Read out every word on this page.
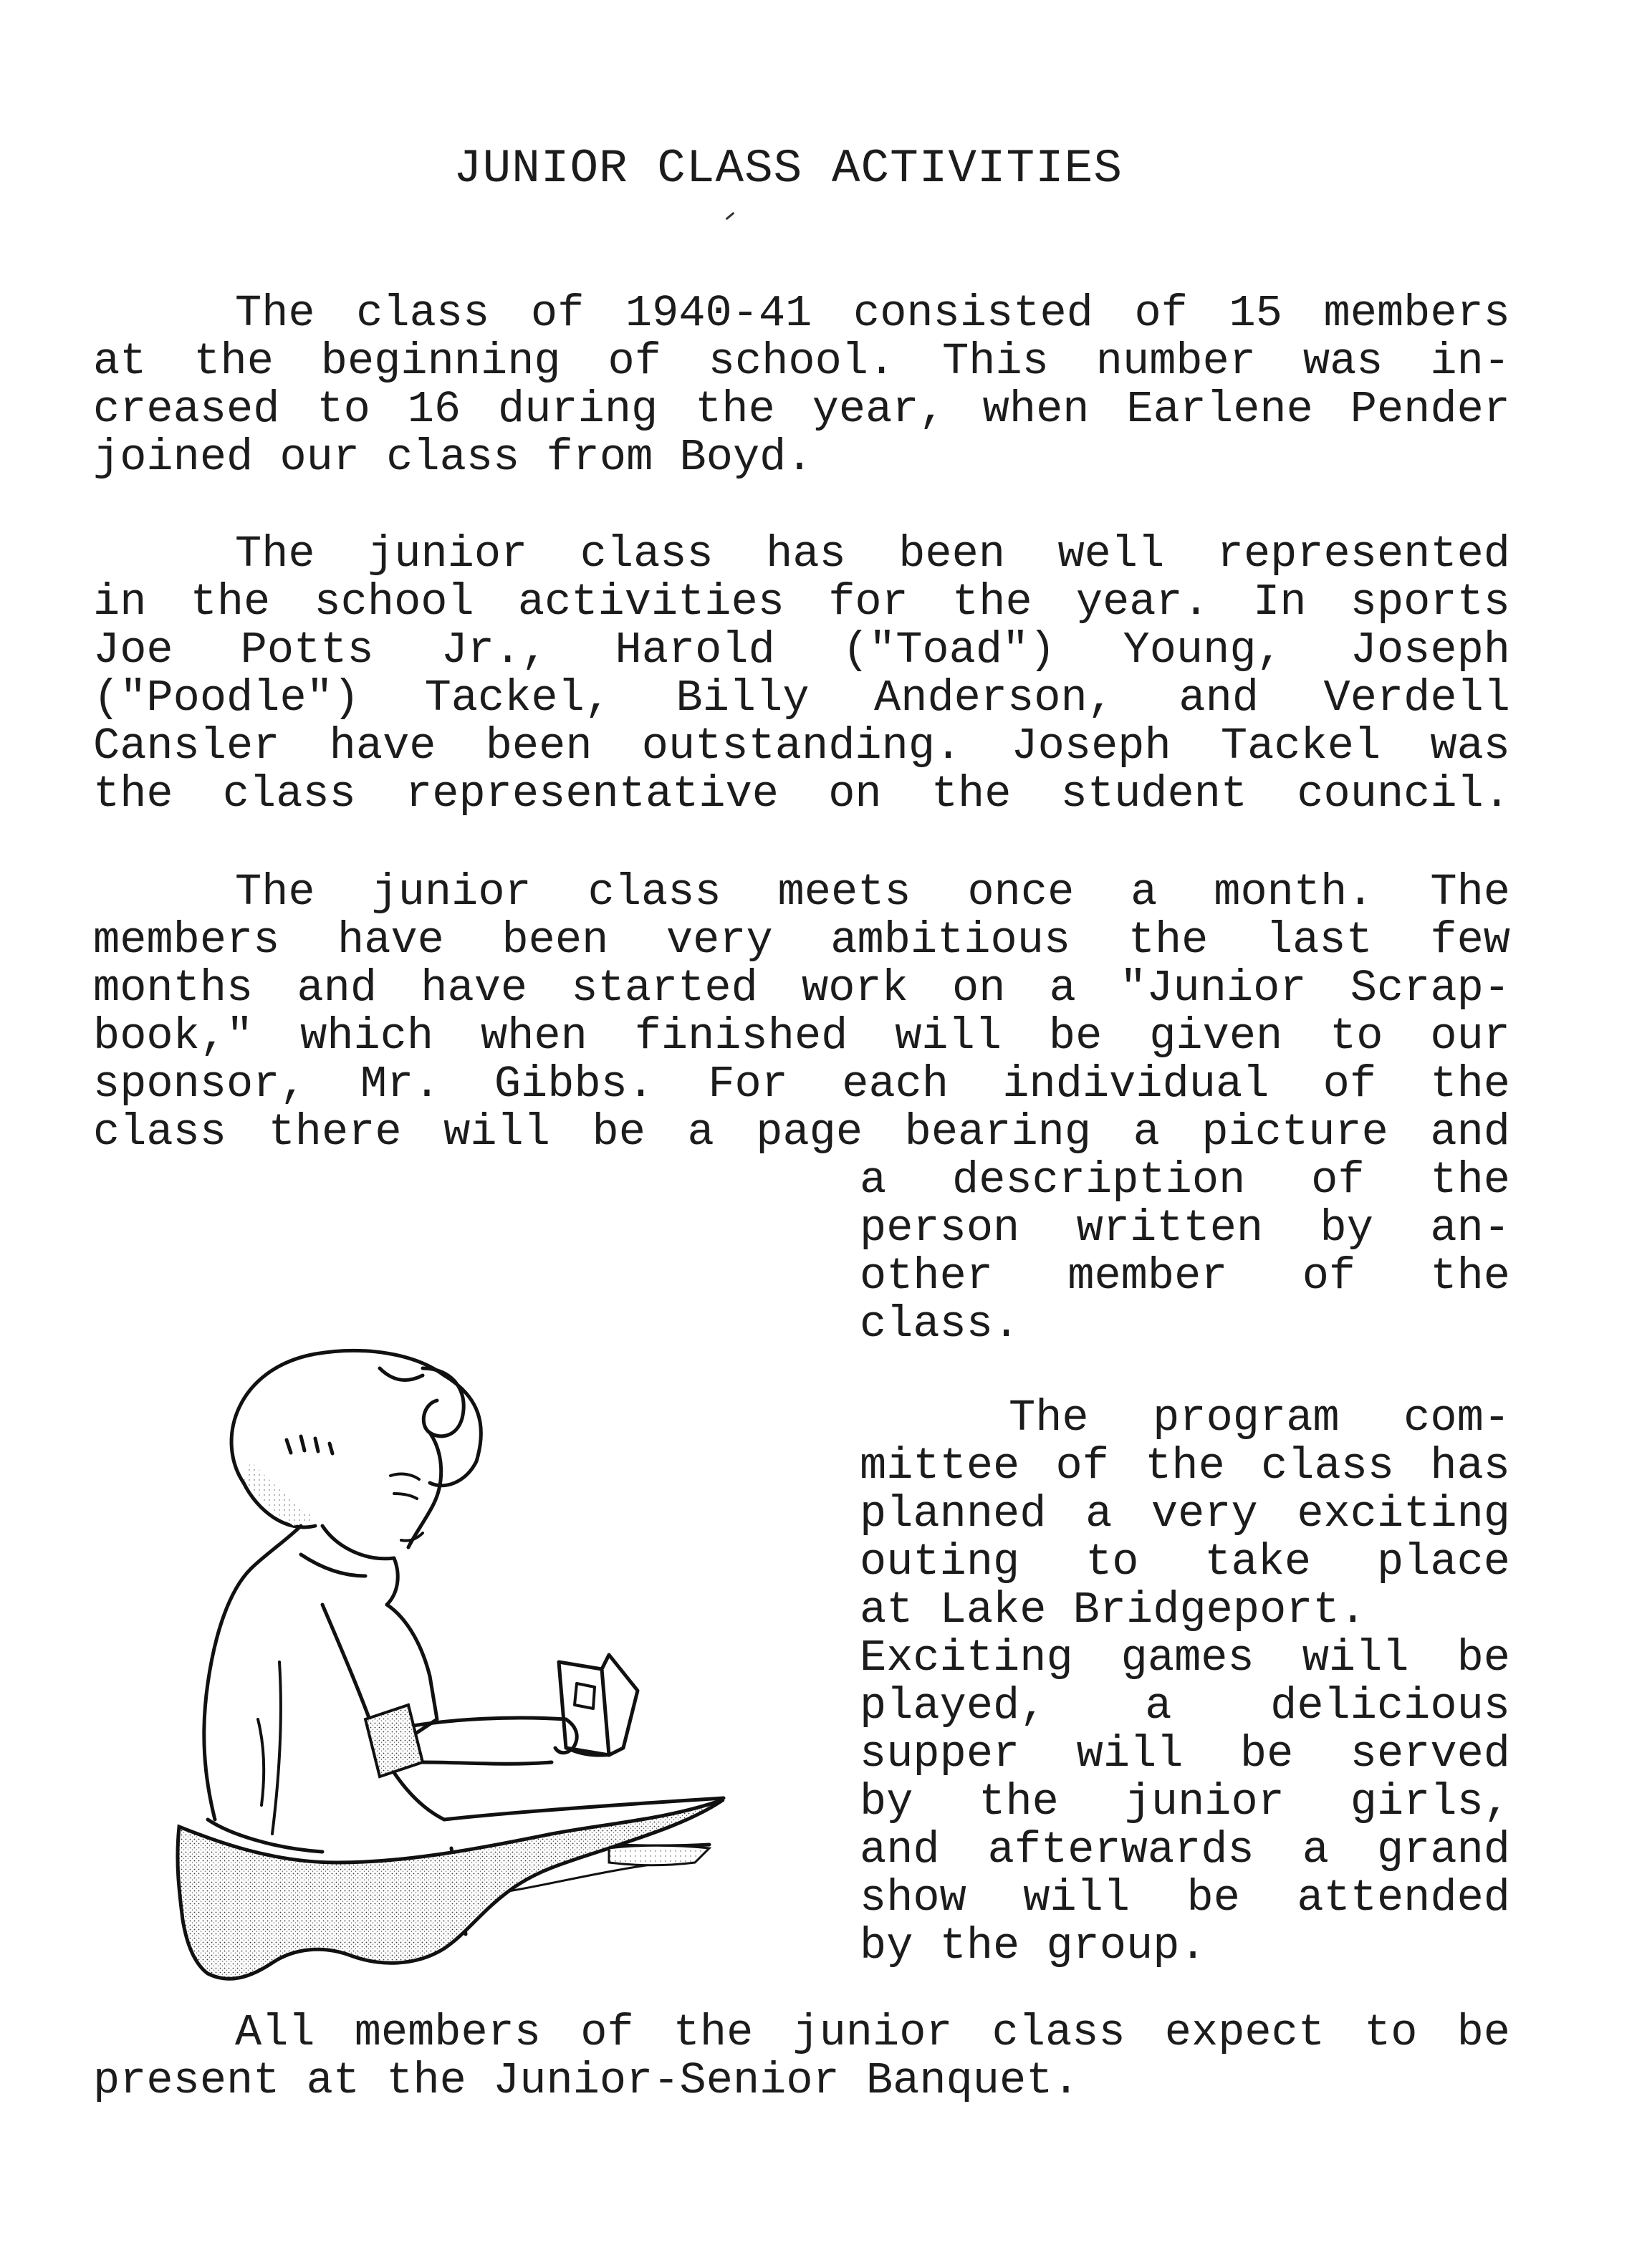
JUNIOR CLASS ACTIVITIES
The class of 1940-41 consisted of 15 members
at the beginning of school. This number was in-
creased to 16 during the year, when Earlene Pender
joined our class from Boyd.
The junior class has been well represented
in the school activities for the year. In sports
Joe Potts Jr., Harold ("Toad") Young, Joseph
("Poodle") Tackel, Billy Anderson, and Verdell
Cansler have been outstanding. Joseph Tackel was
the class representative on the student council.
The junior class meets once a month. The
members have been very ambitious the last few
months and have started work on a "Junior Scrap-
book," which when finished will be given to our
sponsor, Mr. Gibbs. For each individual of the
class there will be a page bearing a picture and
a description of the
person written by an-
other member of the
class.
The program com-
mittee of the class has
planned a very exciting
outing to take place
at Lake Bridgeport.
Exciting games will be
played, a delicious
supper will be served
by the junior girls,
and afterwards a grand
show will be attended
by the group.
All members of the junior class expect to be
present at the Junior-Senior Banquet.
